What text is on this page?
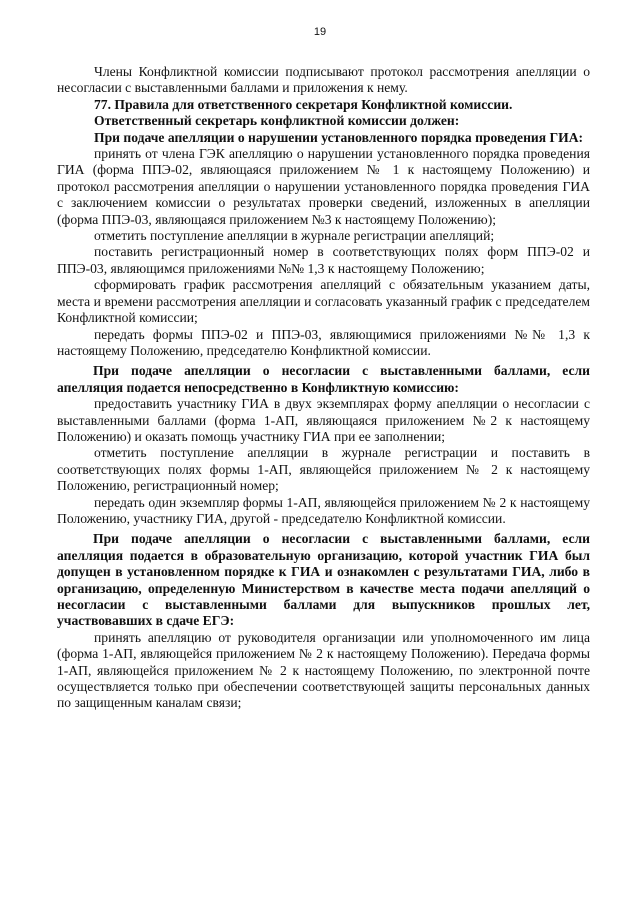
19

Члены Конфликтной комиссии подписывают протокол рассмотрения апелляции о несогласии с выставленными баллами и приложения к нему.

77. Правила для ответственного секретаря Конфликтной комиссии.

Ответственный секретарь конфликтной комиссии должен:

При подаче апелляции о нарушении установленного порядка проведения ГИА:

принять от члена ГЭК апелляцию о нарушении установленного порядка проведения ГИА (форма ППЭ-02, являющаяся приложением № 1 к настоящему Положению) и протокол рассмотрения апелляции о нарушении установленного порядка проведения ГИА с заключением комиссии о результатах проверки сведений, изложенных в апелляции (форма ППЭ-03, являющаяся приложением №3 к настоящему Положению);

отметить поступление апелляции в журнале регистрации апелляций;

поставить регистрационный номер в соответствующих полях форм ППЭ-02 и ППЭ-03, являющимся приложениями №№ 1,3 к настоящему Положению;

сформировать график рассмотрения апелляций с обязательным указанием даты, места и времени рассмотрения апелляции и согласовать указанный график с председателем Конфликтной комиссии;

передать формы ППЭ-02 и ППЭ-03, являющимися приложениями №№ 1,3 к настоящему Положению, председателю Конфликтной комиссии.

При подаче апелляции о несогласии с выставленными баллами, если апелляция подается непосредственно в Конфликтную комиссию:

предоставить участнику ГИА в двух экземплярах форму апелляции о несогласии с выставленными баллами (форма 1-АП, являющаяся приложением №2 к настоящему Положению) и оказать помощь участнику ГИА при ее заполнении;

отметить поступление апелляции в журнале регистрации и поставить в соответствующих полях формы 1-АП, являющейся приложением № 2 к настоящему Положению, регистрационный номер;

передать один экземпляр формы 1-АП, являющейся приложением № 2 к настоящему Положению, участнику ГИА, другой - председателю Конфликтной комиссии.

При подаче апелляции о несогласии с выставленными баллами, если апелляция подается в образовательную организацию, которой участник ГИА был допущен в установленном порядке к ГИА и ознакомлен с результатами ГИА, либо в организацию, определенную Министерством в качестве места подачи апелляций о несогласии с выставленными баллами для выпускников прошлых лет, участвовавших в сдаче ЕГЭ:

принять апелляцию от руководителя организации или уполномоченного им лица (форма 1-АП, являющейся приложением № 2 к настоящему Положению). Передача формы 1-АП, являющейся приложением № 2 к настоящему Положению, по электронной почте осуществляется только при обеспечении соответствующей защиты персональных данных по защищенным каналам связи;
